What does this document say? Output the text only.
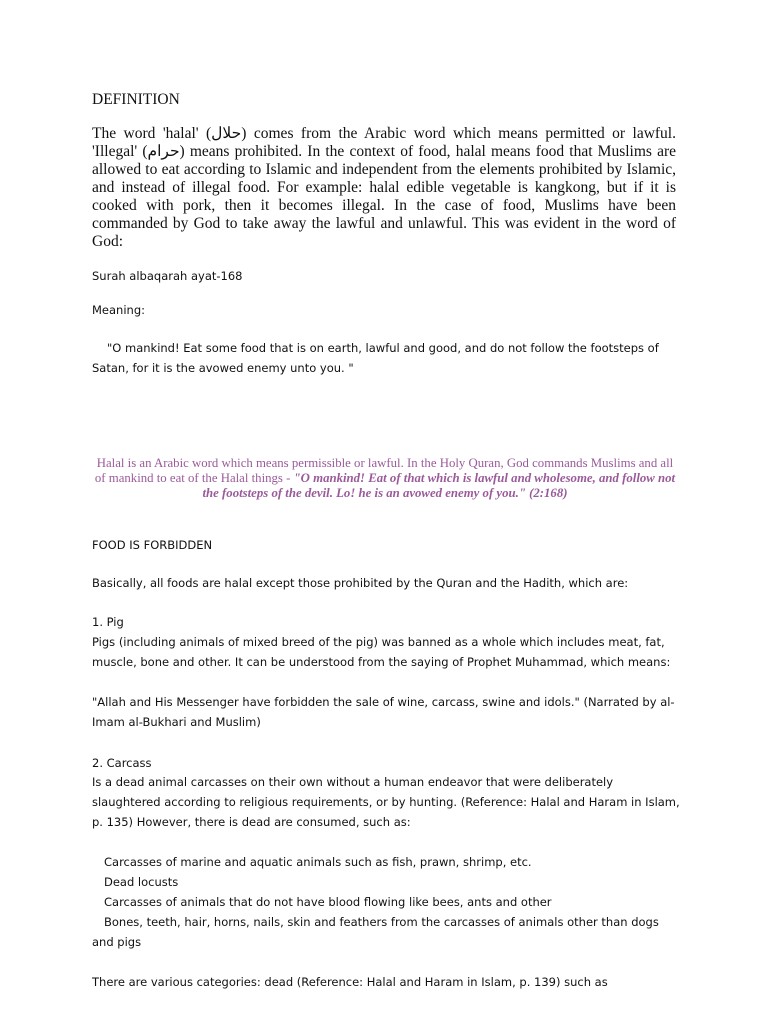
DEFINITION
The word 'halal' (حلال) comes from the Arabic word which means permitted or lawful. 'Illegal' (حرام) means prohibited. In the context of food, halal means food that Muslims are allowed to eat according to Islamic and independent from the elements prohibited by Islamic, and instead of illegal food. For example: halal edible vegetable is kangkong, but if it is cooked with pork, then it becomes illegal. In the case of food, Muslims have been commanded by God to take away the lawful and unlawful. This was evident in the word of God:
Surah albaqarah ayat-168
Meaning:
"O mankind! Eat some food that is on earth, lawful and good, and do not follow the footsteps of Satan, for it is the avowed enemy unto you. "
Halal is an Arabic word which means permissible or lawful. In the Holy Quran, God commands Muslims and all of mankind to eat of the Halal things - "O mankind! Eat of that which is lawful and wholesome, and follow not the footsteps of the devil. Lo! he is an avowed enemy of you." (2:168)
FOOD IS FORBIDDEN
Basically, all foods are halal except those prohibited by the Quran and the Hadith, which are:
1. Pig
Pigs (including animals of mixed breed of the pig) was banned as a whole which includes meat, fat, muscle, bone and other. It can be understood from the saying of Prophet Muhammad, which means:
"Allah and His Messenger have forbidden the sale of wine, carcass, swine and idols." (Narrated by al-Imam al-Bukhari and Muslim)
2. Carcass
Is a dead animal carcasses on their own without a human endeavor that were deliberately slaughtered according to religious requirements, or by hunting. (Reference: Halal and Haram in Islam, p. 135) However, there is dead are consumed, such as:
Carcasses of marine and aquatic animals such as fish, prawn, shrimp, etc.
Dead locusts
Carcasses of animals that do not have blood flowing like bees, ants and other
Bones, teeth, hair, horns, nails, skin and feathers from the carcasses of animals other than dogs and pigs
There are various categories: dead (Reference: Halal and Haram in Islam, p. 139) such as
